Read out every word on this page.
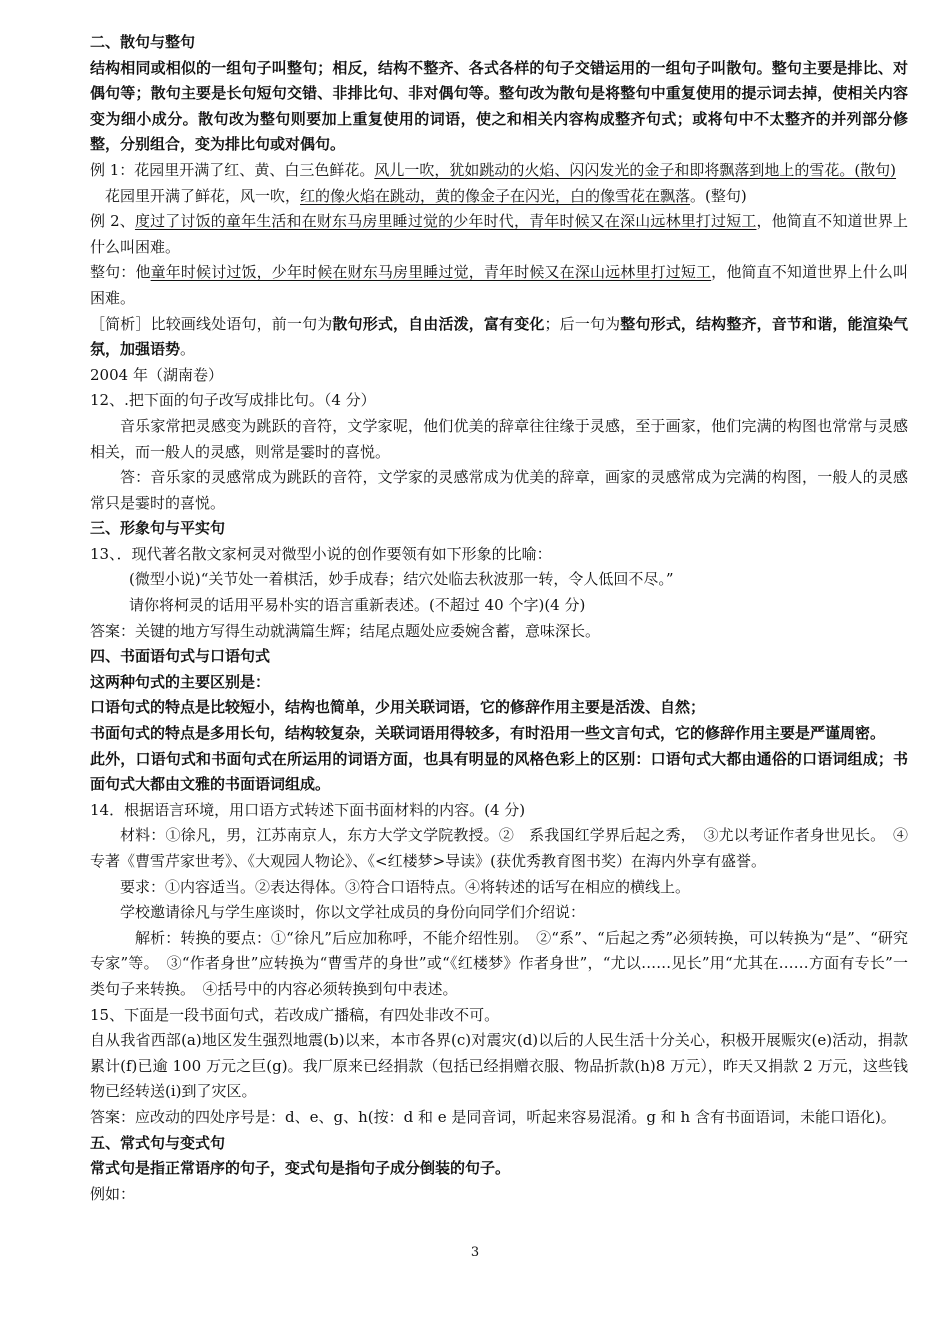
二、散句与整句

结构相同或相似的一组句子叫整句；相反，结构不整齐、各式各样的句子交错运用的一组句子叫散句。整句主要是排比、对偶句等；散句主要是长句短句交错、非排比句、非对偶句等。整句改为散句是将整句中重复使用的提示词去掉，使相关内容变为细小成分。散句改为整句则要加上重复使用的词语，使之和相关内容构成整齐句式；或将句中不太整齐的并列部分修整，分别组合，变为排比句或对偶句。

例 1：花园里开满了红、黄、白三色鲜花。风儿一吹，犹如跳动的火焰、闪闪发光的金子和即将飘落到地上的雪花。(散句)

花园里开满了鲜花，风一吹，红的像火焰在跳动，黄的像金子在闪光，白的像雪花在飘落。(整句)

例 2、度过了讨饭的童年生活和在财东马房里睡过觉的少年时代，青年时候又在深山远林里打过短工，他简直不知道世界上什么叫困难。

整句：他童年时候讨过饭，少年时候在财东马房里睡过觉，青年时候又在深山远林里打过短工，他简直不知道世界上什么叫困难。

［简析］比较画线处语句，前一句为散句形式，自由活泼，富有变化；后一句为整句形式，结构整齐，音节和谐，能渲染气氛，加强语势。

2004 年（湖南卷）

12、.把下面的句子改写成排比句。（4 分）

音乐家常把灵感变为跳跃的音符，文学家呢，他们优美的辞章往往缘于灵感，至于画家，他们完满的构图也常常与灵感相关，而一般人的灵感，则常是霎时的喜悦。

答：音乐家的灵感常成为跳跃的音符，文学家的灵感常成为优美的辞章，画家的灵感常成为完满的构图，一般人的灵感常只是霎时的喜悦。

三、形象句与平实句

13、．现代著名散文家柯灵对微型小说的创作要领有如下形象的比喻：

(微型小说)“关节处一着棋活，妙手成春；结穴处临去秋波那一转，令人低回不尽。”

请你将柯灵的话用平易朴实的语言重新表述。(不超过 40 个字)(4 分)

答案：关键的地方写得生动就满篇生辉；结尾点题处应委婉含蓄，意味深长。

四、书面语句式与口语句式

这两种句式的主要区别是：

口语句式的特点是比较短小，结构也简单，少用关联词语，它的修辞作用主要是活泼、自然；

书面句式的特点是多用长句，结构较复杂，关联词语用得较多，有时沿用一些文言句式，它的修辞作用主要是严谨周密。

此外，口语句式和书面句式在所运用的词语方面，也具有明显的风格色彩上的区别：口语句式大都由通俗的口语词组成；书面句式大都由文雅的书面语词组成。

14．根据语言环境，用口语方式转述下面书面材料的内容。(4 分)

材料：①徐凡，男，江苏南京人，东方大学文学院教授。②　系我国红学界后起之秀，　③尤以考证作者身世见长。　④专著《曹雪芹家世考》、《大观园人物论》、《<红楼梦>导读》(获优秀教育图书奖）在海内外享有盛誉。

要求：①内容适当。②表达得体。③符合口语特点。④将转述的话写在相应的横线上。

学校邀请徐凡与学生座谈时，你以文学社成员的身份向同学们介绍说：

解析：转换的要点：①“徐凡”后应加称呼，不能介绍性别。　②“系”、“后起之秀”必须转换，可以转换为“是”、“研究专家”等。　③“作者身世”应转换为“曹雪芹的身世”或“《红楼梦》作者身世”，“尤以……见长”用“尤其在……方面有专长”一类句子来转换。　④括号中的内容必须转换到句中表述。

15、下面是一段书面句式，若改成广播稿，有四处非改不可。

自从我省西部(a)地区发生强烈地震(b)以来，本市各界(c)对震灾(d)以后的人民生活十分关心，积极开展赈灾(e)活动，捐款累计(f)已逾 100 万元之巨(g)。我厂原来已经捐款（包括已经捐赠衣服、物品折款(h)8 万元），昨天又捐款 2 万元，这些钱物已经转送(i)到了灾区。

答案：应改动的四处序号是：d、e、g、h(按：d 和 e 是同音词，听起来容易混淆。g 和 h 含有书面语词，未能口语化)。

五、常式句与变式句

常式句是指正常语序的句子，变式句是指句子成分倒装的句子。

例如：

3
